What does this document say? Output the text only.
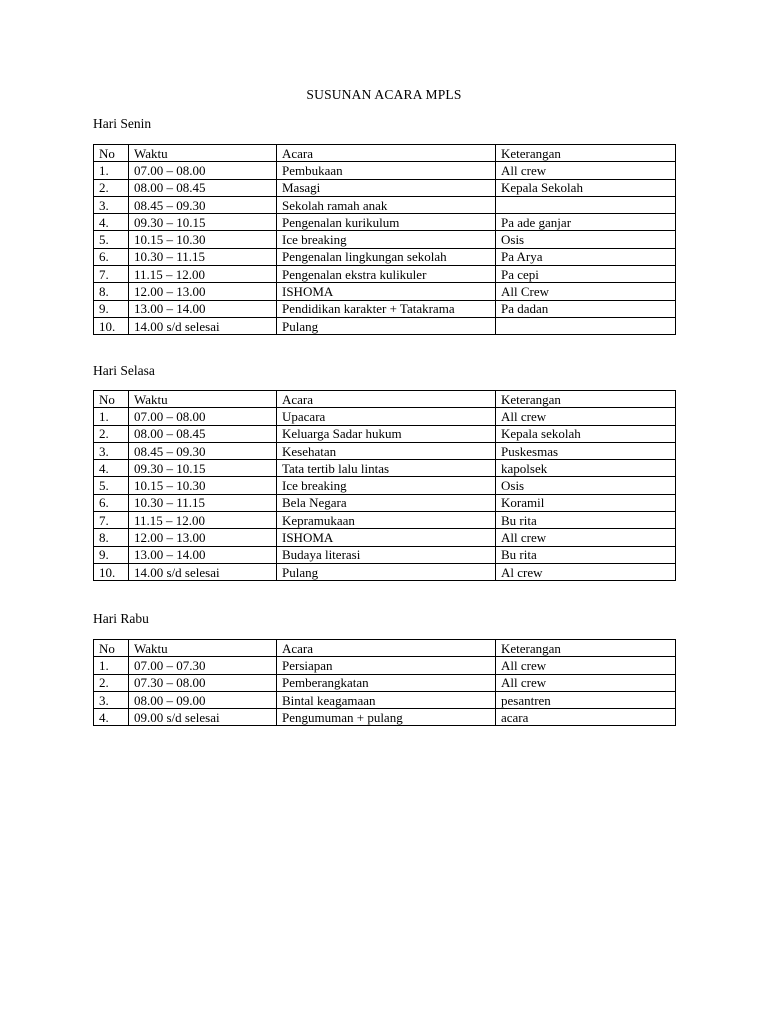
SUSUNAN ACARA MPLS
Hari Senin
No	Waktu	Acara	Keterangan
1.	07.00 – 08.00	Pembukaan	All crew
2.	08.00 – 08.45	Masagi	Kepala Sekolah
3.	08.45 – 09.30	Sekolah ramah anak	
4.	09.30 – 10.15	Pengenalan kurikulum	Pa ade ganjar
5.	10.15 – 10.30	Ice breaking	Osis
6.	10.30 – 11.15	Pengenalan lingkungan sekolah	Pa Arya
7.	11.15 – 12.00	Pengenalan ekstra kulikuler	Pa cepi
8.	12.00 – 13.00	ISHOMA	All Crew
9.	13.00 – 14.00	Pendidikan karakter + Tatakrama	Pa dadan
10.	14.00 s/d selesai	Pulang	
Hari Selasa
No	Waktu	Acara	Keterangan
1.	07.00 – 08.00	Upacara	All crew
2.	08.00 – 08.45	Keluarga Sadar hukum	Kepala sekolah
3.	08.45 – 09.30	Kesehatan	Puskesmas
4.	09.30 – 10.15	Tata tertib lalu lintas	kapolsek
5.	10.15 – 10.30	Ice breaking	Osis
6.	10.30 – 11.15	Bela Negara	Koramil
7.	11.15 – 12.00	Kepramukaan	Bu rita
8.	12.00 – 13.00	ISHOMA	All crew
9.	13.00 – 14.00	Budaya literasi	Bu rita
10.	14.00 s/d selesai	Pulang	Al crew
Hari Rabu
No	Waktu	Acara	Keterangan
1.	07.00 – 07.30	Persiapan	All crew
2.	07.30 – 08.00	Pemberangkatan	All crew
3.	08.00 – 09.00	Bintal keagamaan	pesantren
4.	09.00 s/d selesai	Pengumuman + pulang	acara
